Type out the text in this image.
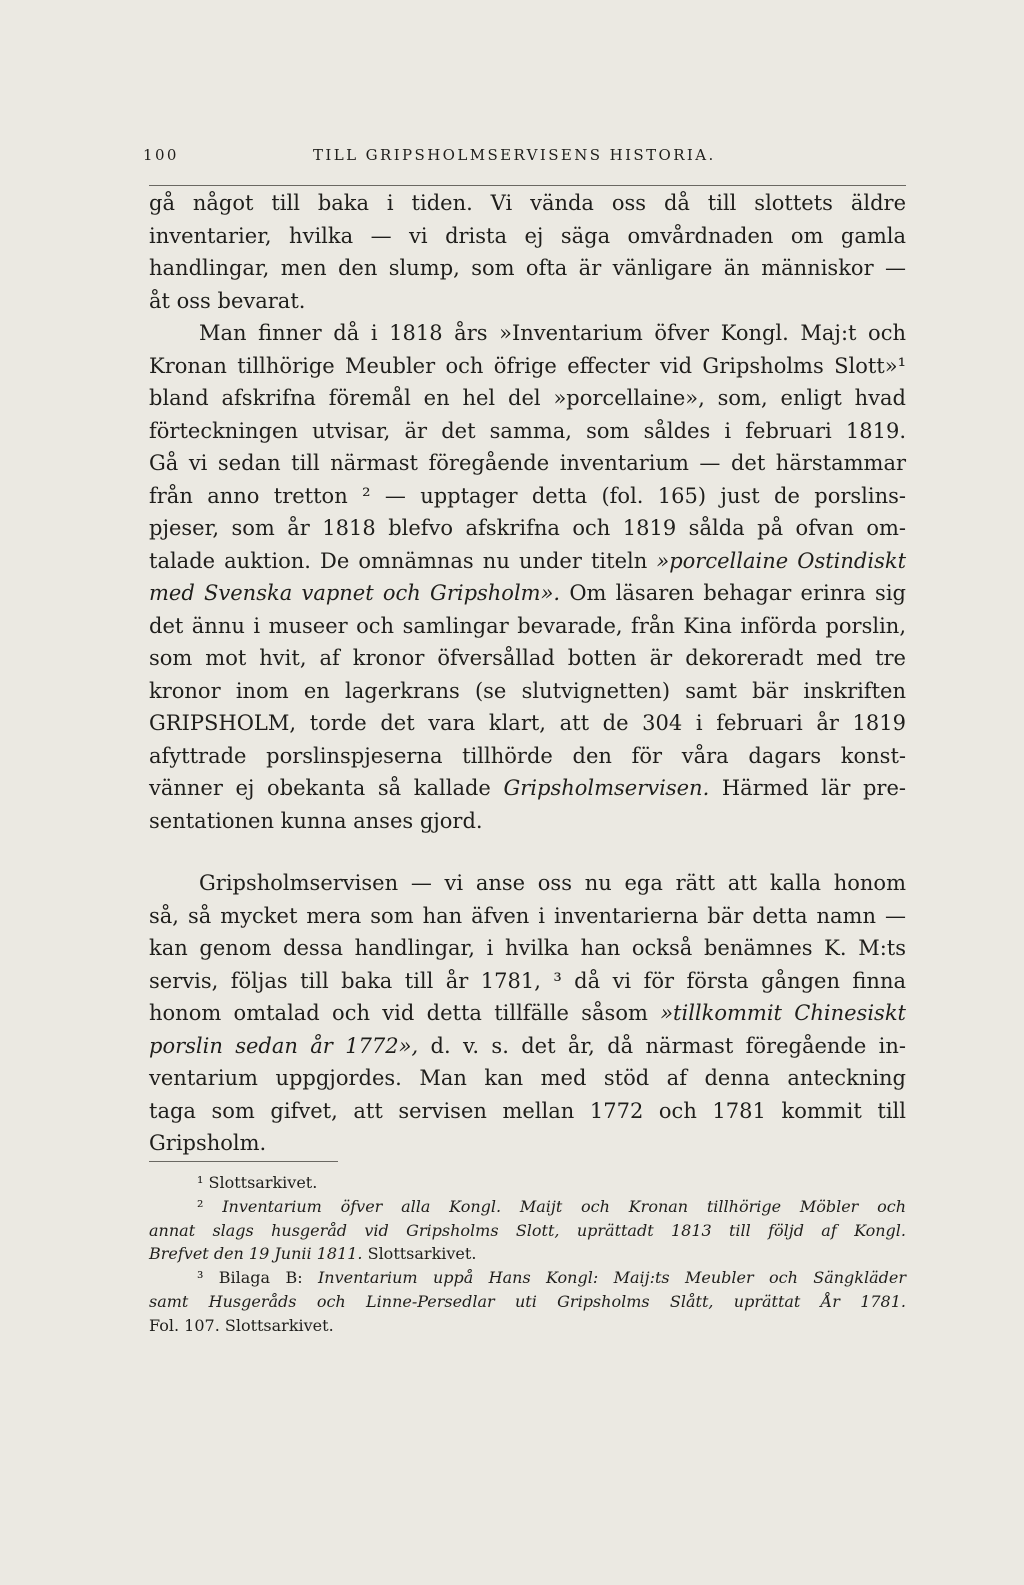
100	TILL GRIPSHOLMSERVISENS HISTORIA.
gå något till baka i tiden. Vi vända oss då till slottets äldre
inventarier, hvilka — vi drista ej säga omvårdnaden om gamla
handlingar, men den slump, som ofta är vänligare än människor —
åt oss bevarat.
Man finner då i 1818 års »Inventarium öfver Kongl. Maj:t och
Kronan tillhörige Meubler och öfrige effecter vid Gripsholms Slott»¹
bland afskrifna föremål en hel del »porcellaine», som, enligt hvad
förteckningen utvisar, är det samma, som såldes i februari 1819.
Gå vi sedan till närmast föregående inventarium — det härstammar
från anno tretton ² — upptager detta (fol. 165) just de porslins-
pjeser, som år 1818 blefvo afskrifna och 1819 sålda på ofvan om-
talade auktion. De omnämnas nu under titeln »porcellaine Ostindiskt
med Svenska vapnet och Gripsholm». Om läsaren behagar erinra sig
det ännu i museer och samlingar bevarade, från Kina införda porslin,
som mot hvit, af kronor öfversållad botten är dekoreradt med tre
kronor inom en lagerkrans (se slutvignetten) samt bär inskriften
GRIPSHOLM, torde det vara klart, att de 304 i februari år 1819
afyttrade porslinspjeserna tillhörde den för våra dagars konst-
vänner ej obekanta så kallade Gripsholmservisen. Härmed lär pre-
sentationen kunna anses gjord.
Gripsholmservisen — vi anse oss nu ega rätt att kalla honom
så, så mycket mera som han äfven i inventarierna bär detta namn —
kan genom dessa handlingar, i hvilka han också benämnes K. M:ts
servis, följas till baka till år 1781, ³ då vi för första gången finna
honom omtalad och vid detta tillfälle såsom »tillkommit Chinesiskt
porslin sedan år 1772», d. v. s. det år, då närmast föregående in-
ventarium uppgjordes. Man kan med stöd af denna anteckning
taga som gifvet, att servisen mellan 1772 och 1781 kommit till
Gripsholm.
¹ Slottsarkivet.
² Inventarium öfver alla Kongl. Maijt och Kronan tillhörige Möbler och
annat slags husgeråd vid Gripsholms Slott, uprättadt 1813 till följd af Kongl.
Brefvet den 19 Junii 1811. Slottsarkivet.
³ Bilaga B: Inventarium uppå Hans Kongl: Maij:ts Meubler och Sängkläder
samt Husgeråds och Linne-Persedlar uti Gripsholms Slått, uprättat År 1781.
Fol. 107. Slottsarkivet.
